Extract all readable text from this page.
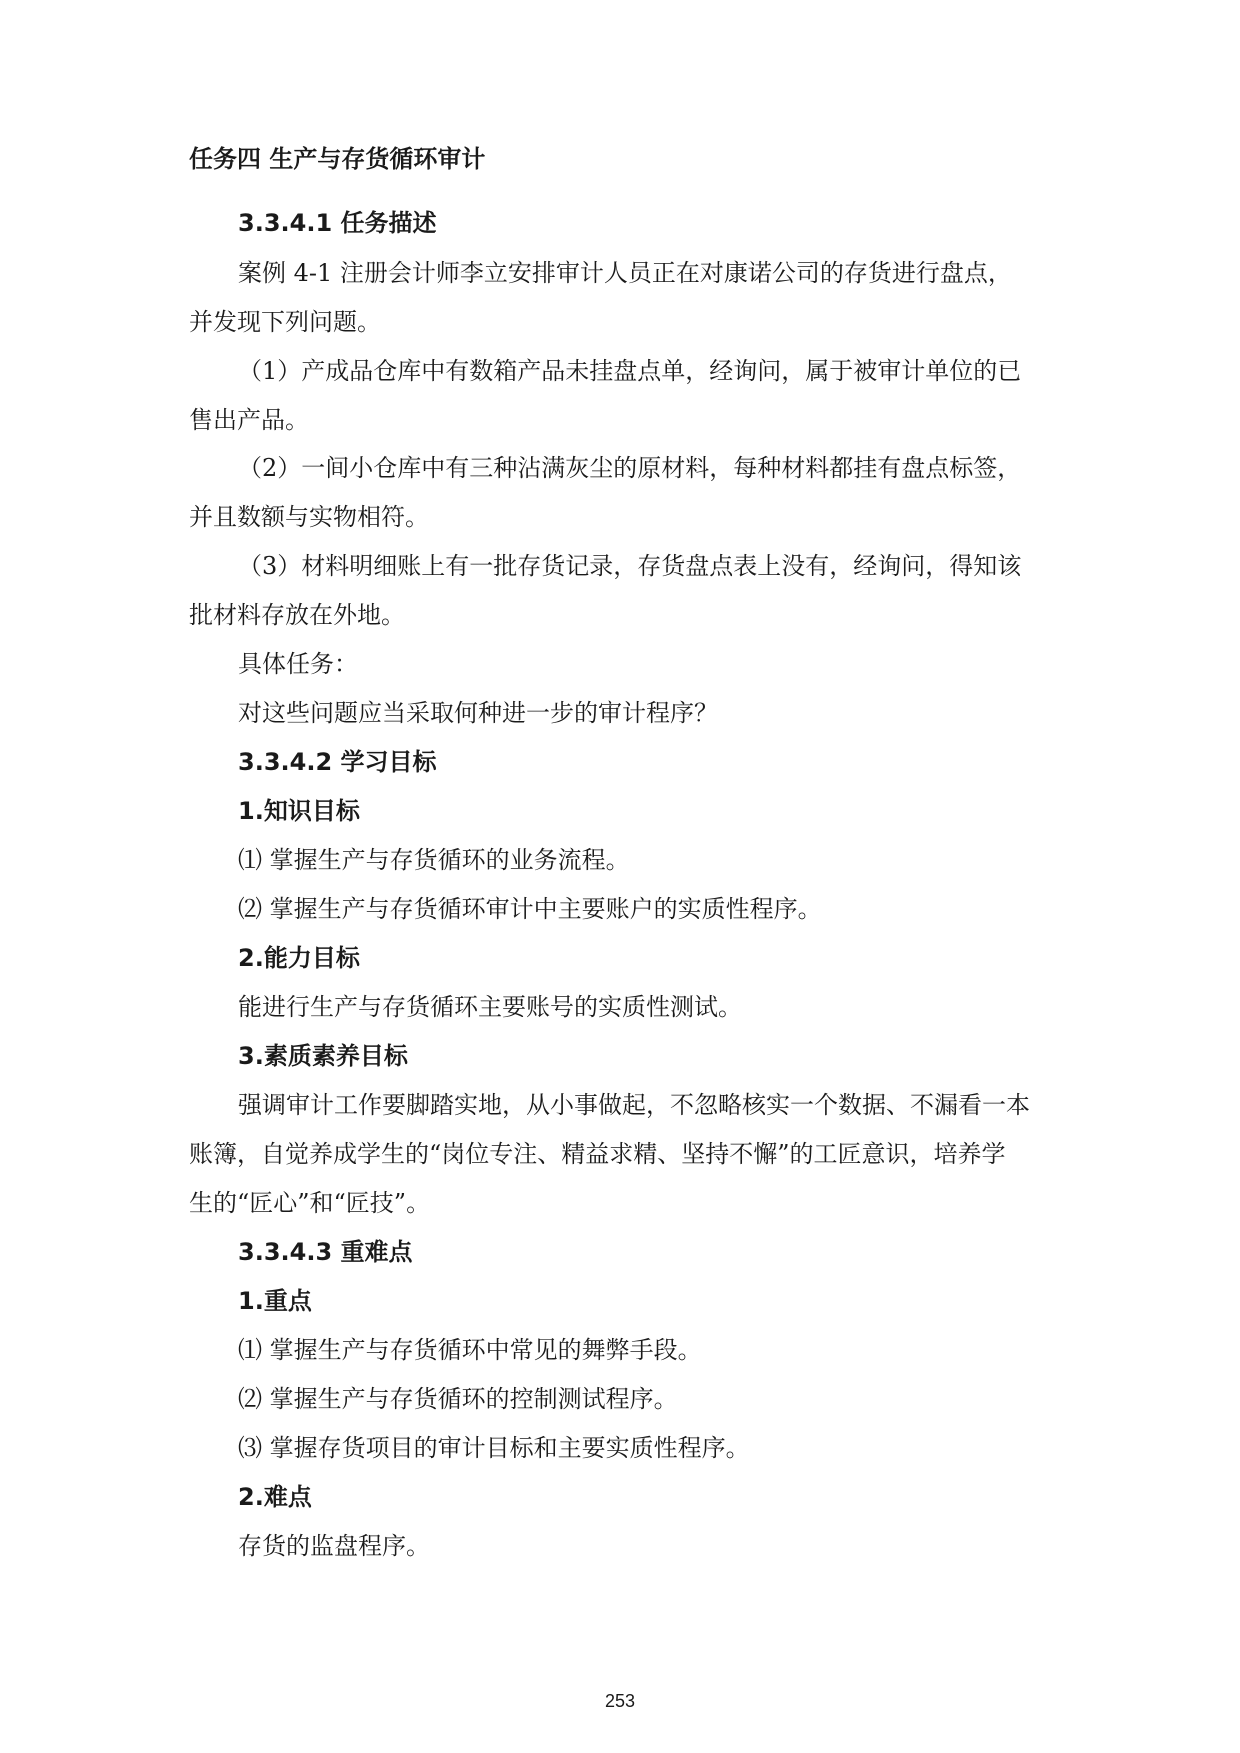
任务四 生产与存货循环审计
3.3.4.1 任务描述
案例 4-1 注册会计师李立安排审计人员正在对康诺公司的存货进行盘点，
并发现下列问题。
（1）产成品仓库中有数箱产品未挂盘点单，经询问，属于被审计单位的已
售出产品。
（2）一间小仓库中有三种沾满灰尘的原材料，每种材料都挂有盘点标签，
并且数额与实物相符。
（3）材料明细账上有一批存货记录，存货盘点表上没有，经询问，得知该
批材料存放在外地。
具体任务：
对这些问题应当采取何种进一步的审计程序？
3.3.4.2 学习目标
1.知识目标
⑴ 掌握生产与存货循环的业务流程。
⑵ 掌握生产与存货循环审计中主要账户的实质性程序。
2.能力目标
能进行生产与存货循环主要账号的实质性测试。
3.素质素养目标
强调审计工作要脚踏实地，从小事做起，不忽略核实一个数据、不漏看一本
账簿，自觉养成学生的“岗位专注、精益求精、坚持不懈”的工匠意识，培养学
生的“匠心”和“匠技”。
3.3.4.3 重难点
1.重点
⑴ 掌握生产与存货循环中常见的舞弊手段。
⑵ 掌握生产与存货循环的控制测试程序。
⑶ 掌握存货项目的审计目标和主要实质性程序。
2.难点
存货的监盘程序。
253
